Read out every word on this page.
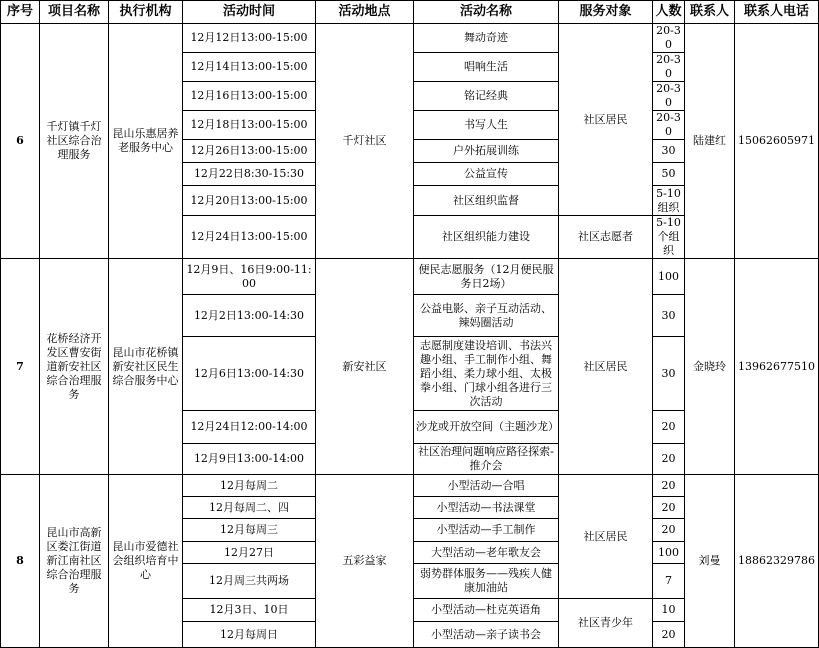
序号	项目名称	执行机构	活动时间	活动地点	活动名称	服务对象	人数	联系人	联系人电话
6	千灯镇千灯社区综合治理服务	昆山乐惠居养老服务中心	12月12日13:00-15:00	千灯社区	舞动奇迹	社区居民	20-30	陆建红	15062605971
			12月14日13:00-15:00		唱响生活		20-30		
			12月16日13:00-15:00		铭记经典		20-30		
			12月18日13:00-15:00		书写人生		20-30		
			12月26日13:00-15:00		户外拓展训练		30		
			12月22日8:30-15:30		公益宣传		50		
			12月20日13:00-15:00		社区组织监督		5-10组织		
			12月24日13:00-15:00		社区组织能力建设	社区志愿者	5-10个组织		
7	花桥经济开发区曹安街道新安社区综合治理服务	昆山市花桥镇新安社区民生综合服务中心	12月9日、16日9:00-11:00	新安社区	便民志愿服务（12月便民服务日2场）	社区居民	100	金晓玲	13962677510
			12月2日13:00-14:30		公益电影、亲子互动活动、辣妈圈活动		30		
			12月6日13:00-14:30		志愿制度建设培训、书法兴趣小组、手工制作小组、舞蹈小组、柔力球小组、太极拳小组、门球小组各进行三次活动		30		
			12月24日12:00-14:00		沙龙或开放空间（主题沙龙）		20		
			12月9日13:00-14:00		社区治理问题响应路径探索-推介会		20		
8	昆山市高新区娄江街道新江南社区综合治理服务	昆山市爱德社会组织培育中心	12月每周二	五彩益家	小型活动—合唱	社区居民	20	刘曼	18862329786
			12月每周二、四		小型活动—书法课堂		20		
			12月每周三		小型活动—手工制作		20		
			12月27日		大型活动—老年歌友会		100		
			12月周三共两场		弱势群体服务——残疾人健康加油站		7		
			12月3日、10日		小型活动—杜克英语角	社区青少年	10		
			12月每周日		小型活动—亲子读书会		20		
